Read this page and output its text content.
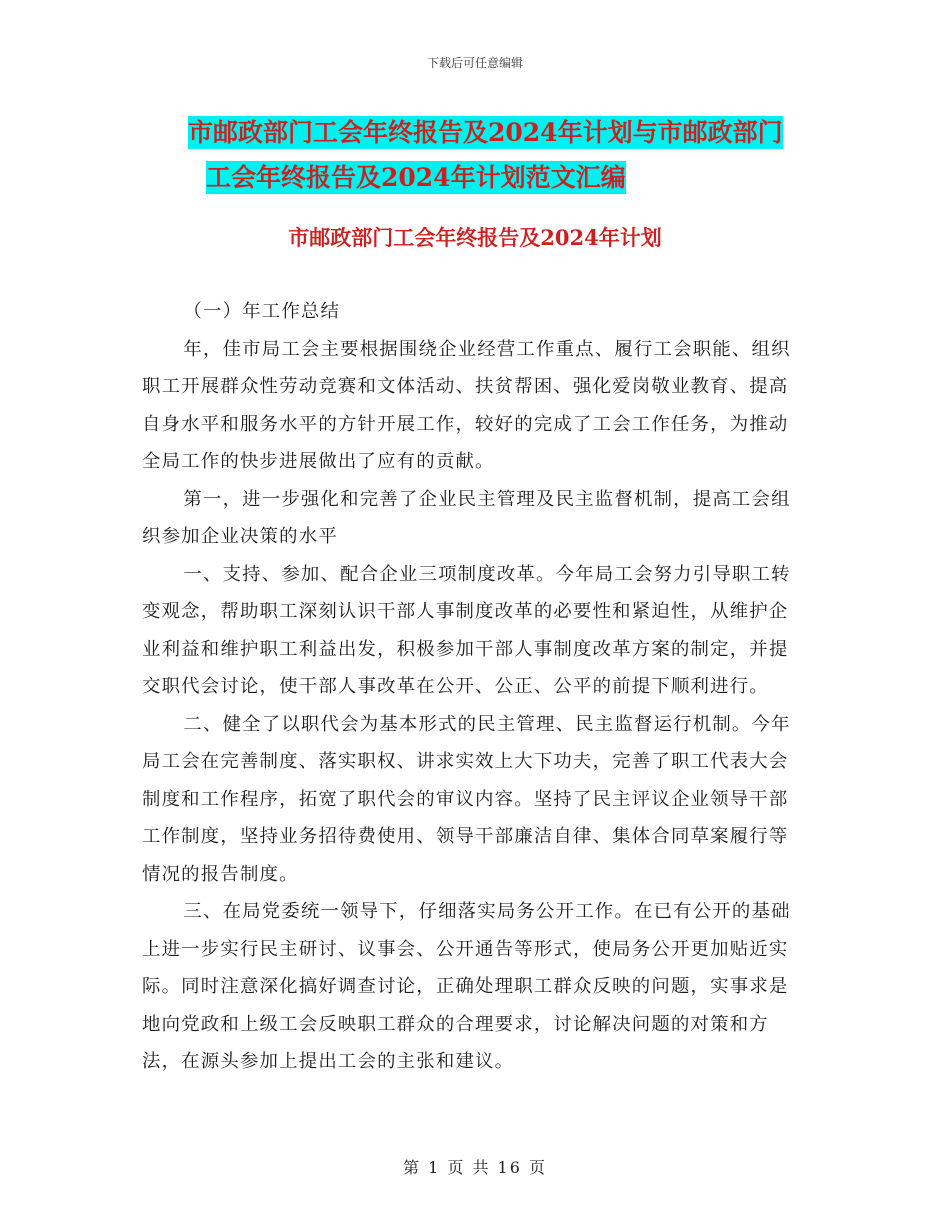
下载后可任意编辑
市邮政部门工会年终报告及2024年计划与市邮政部门
工会年终报告及2024年计划范文汇编
市邮政部门工会年终报告及2024年计划

（一）年工作总结

年，佳市局工会主要根据围绕企业经营工作重点、履行工会职能、组织职工开展群众性劳动竞赛和文体活动、扶贫帮困、强化爱岗敬业教育、提高自身水平和服务水平的方针开展工作，较好的完成了工会工作任务，为推动全局工作的快步进展做出了应有的贡献。

第一，进一步强化和完善了企业民主管理及民主监督机制，提高工会组织参加企业决策的水平

一、支持、参加、配合企业三项制度改革。今年局工会努力引导职工转变观念，帮助职工深刻认识干部人事制度改革的必要性和紧迫性，从维护企业利益和维护职工利益出发，积极参加干部人事制度改革方案的制定，并提交职代会讨论，使干部人事改革在公开、公正、公平的前提下顺利进行。

二、健全了以职代会为基本形式的民主管理、民主监督运行机制。今年局工会在完善制度、落实职权、讲求实效上大下功夫，完善了职工代表大会制度和工作程序，拓宽了职代会的审议内容。坚持了民主评议企业领导干部工作制度，坚持业务招待费使用、领导干部廉洁自律、集体合同草案履行等情况的报告制度。

三、在局党委统一领导下，仔细落实局务公开工作。在已有公开的基础上进一步实行民主研讨、议事会、公开通告等形式，使局务公开更加贴近实际。同时注意深化搞好调查讨论，正确处理职工群众反映的问题，实事求是地向党政和上级工会反映职工群众的合理要求，讨论解决问题的对策和方法，在源头参加上提出工会的主张和建议。

第 1 页 共 16 页
